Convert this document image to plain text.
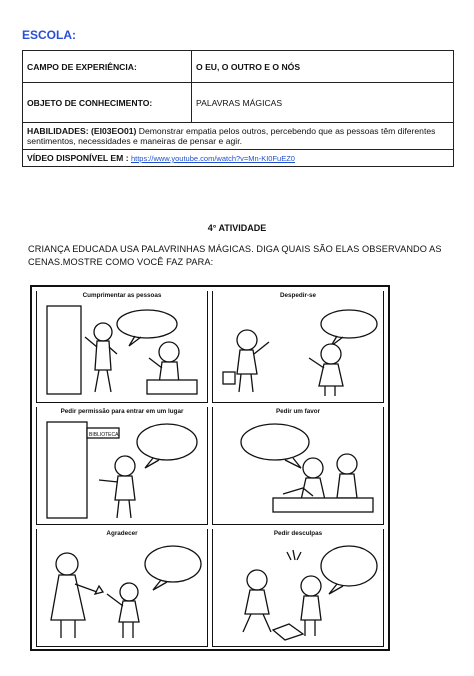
ESCOLA:
CAMPO DE EXPERIÊNCIA:	O EU, O OUTRO E O NÓS
OBJETO DE CONHECIMENTO:	PALAVRAS MÁGICAS
HABILIDADES: (EI03EO01) Demonstrar empatia pelos outros, percebendo que as pessoas têm diferentes sentimentos, necessidades e maneiras de pensar e agir.	
VÍDEO DISPONÍVEL EM : https://www.youtube.com/watch?v=Mn-KI0FuEZ0	
4° ATIVIDADE
CRIANÇA EDUCADA USA PALAVRINHAS MÁGICAS. DIGA QUAIS SÃO ELAS OBSERVANDO AS CENAS.MOSTRE COMO VOCÊ FAZ PARA:
Cumprimentar as pessoas	Despedir-se
Pedir permissão para entrar em um lugar
BIBLIOTECA
Pedir um favor
Agradecer	Pedir desculpas
